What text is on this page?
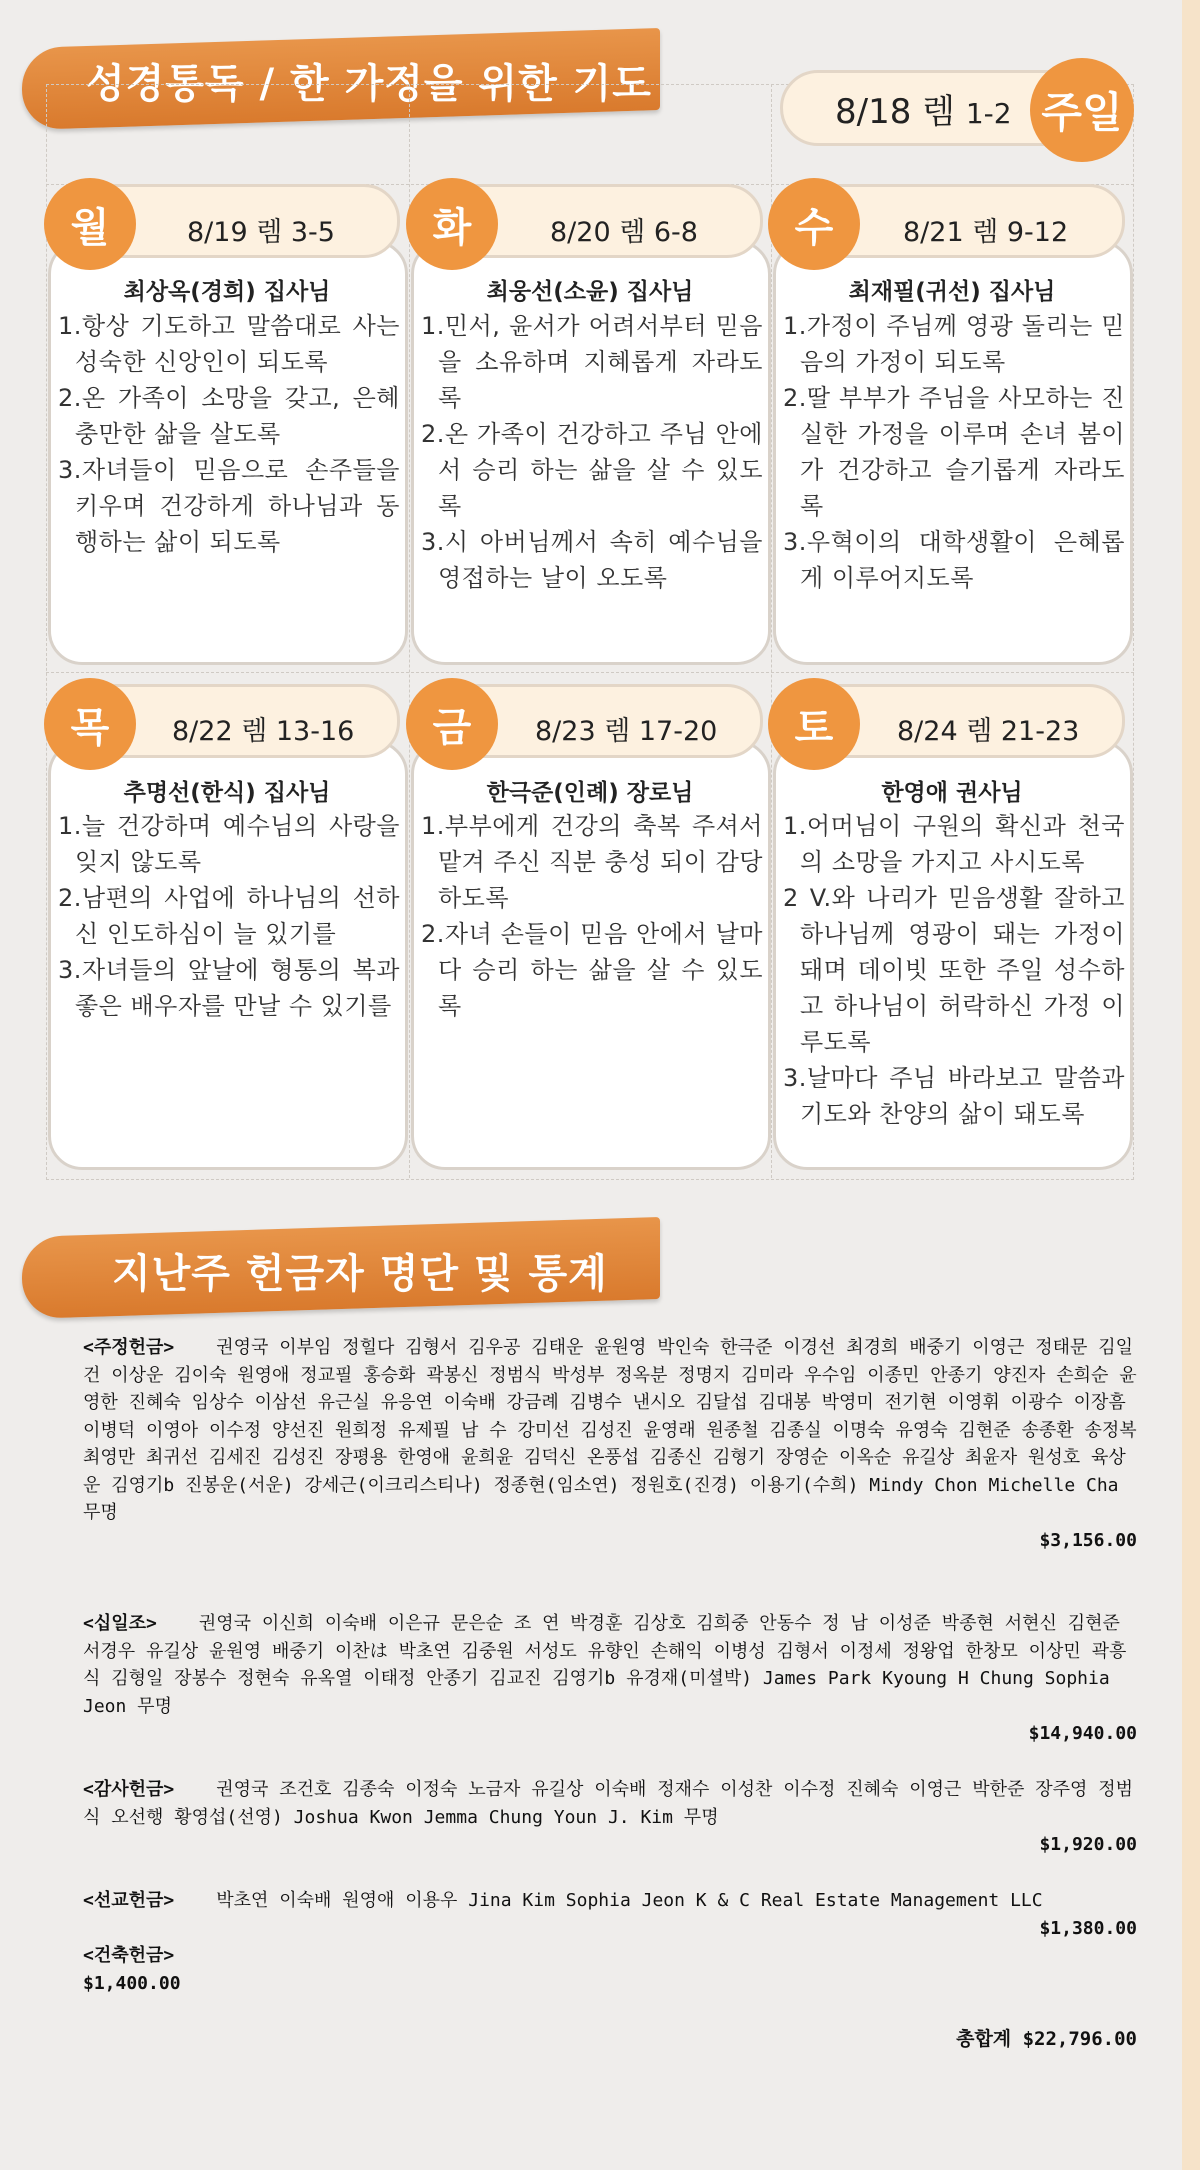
성경통독 / 한 가정을 위한 기도
8/18 렘 1-2 주일
월	8/19 렘 3-5
최상옥(경희) 집사님
1.항상 기도하고 말씀대로 사는 성숙한 신앙인이 되도록
2.온 가족이 소망을 갖고, 은혜 충만한 삶을 살도록
3.자녀들이 믿음으로 손주들을 키우며 건강하게 하나님과 동행하는 삶이 되도록
화	8/20 렘 6-8
최웅선(소윤) 집사님
1.민서, 윤서가 어려서부터 믿음을 소유하며 지혜롭게 자라도록
2.온 가족이 건강하고 주님 안에서 승리 하는 삶을 살 수 있도록
3.시 아버님께서 속히 예수님을 영접하는 날이 오도록
수	8/21 렘 9-12
최재필(귀선) 집사님
1.가정이 주님께 영광 돌리는 믿음의 가정이 되도록
2.딸 부부가 주님을 사모하는 진실한 가정을 이루며 손녀 봄이가 건강하고 슬기롭게 자라도록
3.우혁이의 대학생활이 은혜롭게 이루어지도록
목	8/22 렘 13-16
추명선(한식) 집사님
1.늘 건강하며 예수님의 사랑을 잊지 않도록
2.남편의 사업에 하나님의 선하신 인도하심이 늘 있기를
3.자녀들의 앞날에 형통의 복과 좋은 배우자를 만날 수 있기를
금	8/23 렘 17-20
한극준(인례) 장로님
1.부부에게 건강의 축복 주셔서 맡겨 주신 직분 충성 되이 감당하도록
2.자녀 손들이 믿음 안에서 날마다 승리 하는 삶을 살 수 있도록
토	8/24 렘 21-23
한영애 권사님
1.어머님이 구원의 확신과 천국의 소망을 가지고 사시도록
2 V.와 나리가 믿음생활 잘하고 하나님께 영광이 돼는 가정이 돼며 데이빗 또한 주일 성수하고 하나님이 허락하신 가정 이루도록
3.날마다 주님 바라보고 말씀과 기도와 찬양의 삶이 돼도록
지난주 헌금자 명단 및 통계
<주정헌금> 권영국 이부임 정힐다 김형서 김우공 김태운 윤원영 박인숙 한극준 이경선 최경희 배중기 이영근 정태문 김일건 이상운 김이숙 원영애 정교필 홍승화 곽봉신 정범식 박성부 정옥분 정명지 김미라 우수임 이종민 안종기 양진자 손희순 윤영한 진혜숙 임상수 이삼선 유근실 유응연 이숙배 강금례 김병수 낸시오 김달섭 김대봉 박영미 전기현 이영휘 이광수 이장흠 이병덕 이영아 이수정 양선진 원희정 유제필 남 수 강미선 김성진 윤영래 원종철 김종실 이명숙 유영숙 김현준 송종환 송정복 최영만 최귀선 김세진 김성진 장평용 한영애 윤희윤 김덕신 온풍섭 김종신 김형기 장영순 이옥순 유길상 최윤자 원성호 육상운 김영기b 진봉운(서운) 강세근(이크리스티나) 정종현(임소연) 정원호(진경) 이용기(수희) Mindy Chon Michelle Cha 무명
$3,156.00
<십일조> 권영국 이신희 이숙배 이은규 문은순 조 연 박경훈 김상호 김희중 안동수 정 남 이성준 박종현 서현신 김현준 서경우 유길상 윤원영 배중기 이찬は 박초연 김중원 서성도 유향인 손해익 이병성 김형서 이정세 정왕업 한창모 이상민 곽흥식 김형일 장봉수 정현숙 유옥열 이태정 안종기 김교진 김영기b 유경재(미셜박) James Park Kyoung H Chung Sophia Jeon 무명
$14,940.00
<감사헌금> 권영국 조건호 김종숙 이정숙 노금자 유길상 이숙배 정재수 이성찬 이수정 진혜숙 이영근 박한준 장주영 정범식 오선행 황영섭(선영) Joshua Kwon Jemma Chung Youn J. Kim 무명
$1,920.00
<선교헌금> 박초연 이숙배 원영애 이용우 Jina Kim Sophia Jeon K & C Real Estate Management LLC
$1,380.00
<건축헌금>
$1,400.00
총합계 $22,796.00
